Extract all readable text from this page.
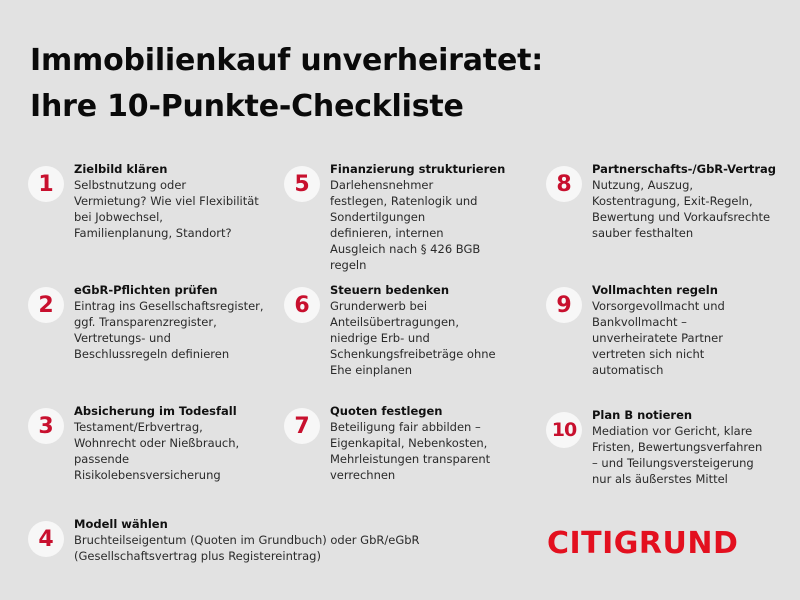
Immobilienkauf unverheiratet:
Ihre 10-Punkte-Checkliste
1
Zielbild klären
Selbstnutzung oder
Vermietung? Wie viel Flexibilität
bei Jobwechsel,
Familienplanung, Standort?
2
eGbR-Pflichten prüfen
Eintrag ins Gesellschaftsregister,
ggf. Transparenzregister,
Vertretungs- und
Beschlussregeln definieren
3
Absicherung im Todesfall
Testament/Erbvertrag,
Wohnrecht oder Nießbrauch,
passende
Risikolebensversicherung
4
Modell wählen
Bruchteilseigentum (Quoten im Grundbuch) oder GbR/eGbR
(Gesellschaftsvertrag plus Registereintrag)
5
Finanzierung strukturieren
Darlehensnehmer
festlegen, Ratenlogik und
Sondertilgungen
definieren, internen
Ausgleich nach § 426 BGB
regeln
6
Steuern bedenken
Grunderwerb bei
Anteilsübertragungen,
niedrige Erb- und
Schenkungsfreibeträge ohne
Ehe einplanen
7
Quoten festlegen
Beteiligung fair abbilden –
Eigenkapital, Nebenkosten,
Mehrleistungen transparent
verrechnen
8
Partnerschafts-/GbR-Vertrag
Nutzung, Auszug,
Kostentragung, Exit-Regeln,
Bewertung und Vorkaufsrechte
sauber festhalten
9
Vollmachten regeln
Vorsorgevollmacht und
Bankvollmacht –
unverheiratete Partner
vertreten sich nicht
automatisch
10
Plan B notieren
Mediation vor Gericht, klare
Fristen, Bewertungsverfahren
– und Teilungsversteigerung
nur als äußerstes Mittel
CITIGRUND
